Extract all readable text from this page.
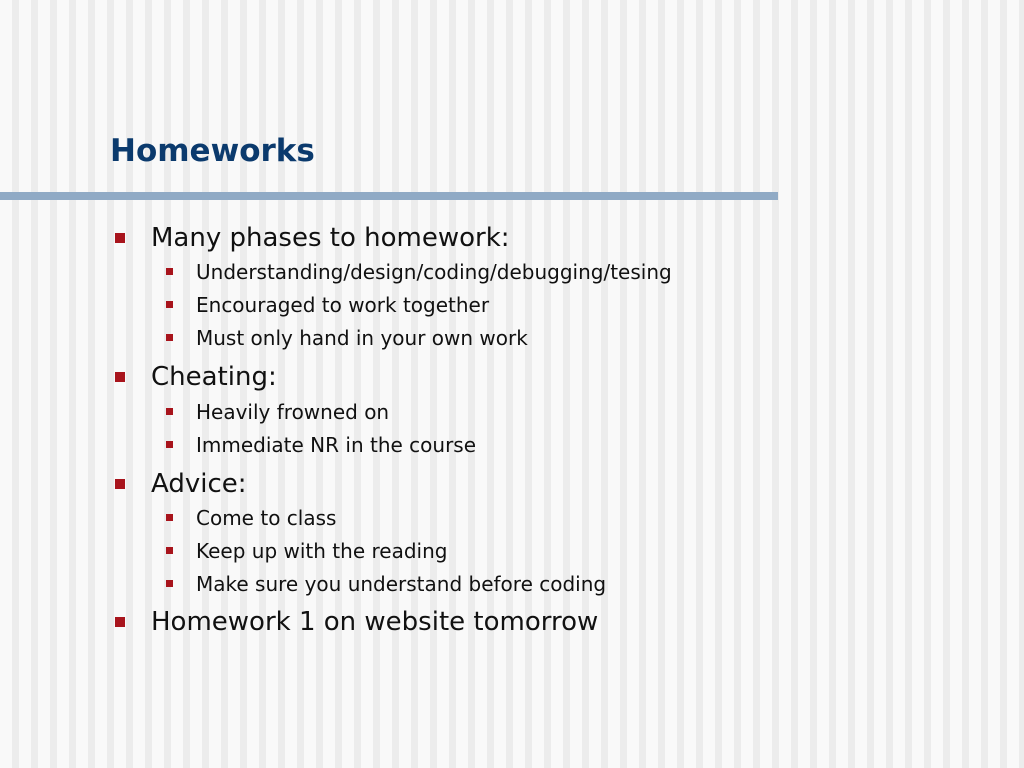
Homeworks
Many phases to homework:
Understanding/design/coding/debugging/tesing
Encouraged to work together
Must only hand in your own work
Cheating:
Heavily frowned on
Immediate NR in the course
Advice:
Come to class
Keep up with the reading
Make sure you understand before coding
Homework 1 on website tomorrow
